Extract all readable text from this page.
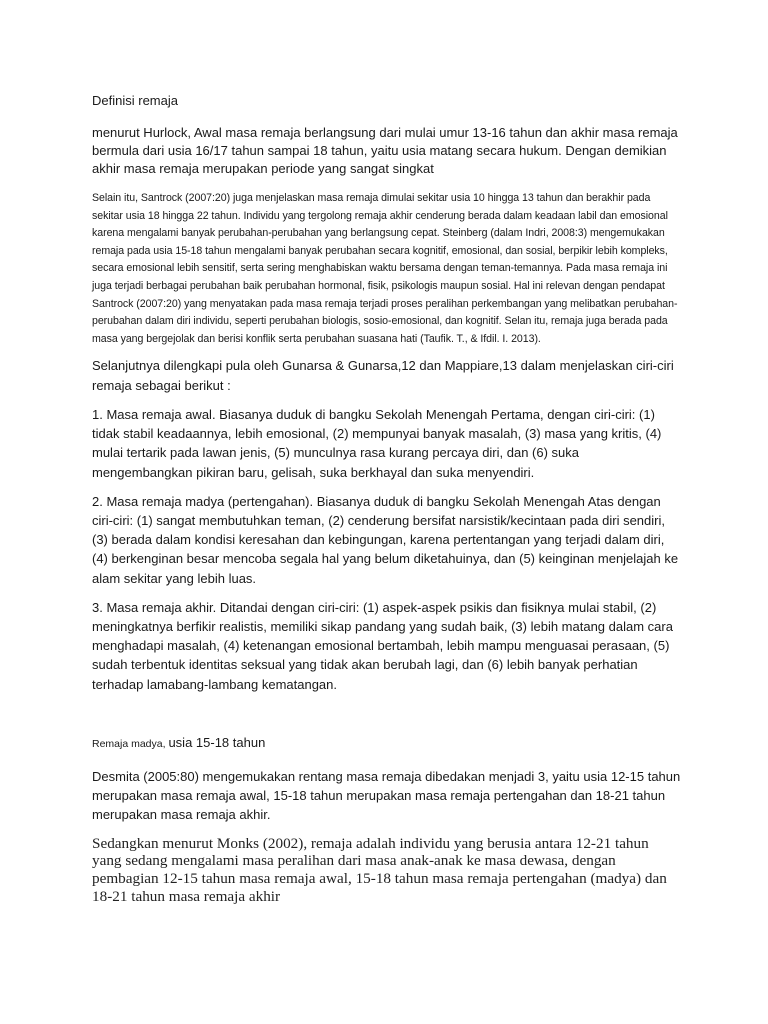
Definisi remaja

menurut Hurlock, Awal masa remaja berlangsung dari mulai umur 13-16 tahun dan akhir masa remaja bermula dari usia 16/17 tahun sampai 18 tahun, yaitu usia matang secara hukum. Dengan demikian akhir masa remaja merupakan periode yang sangat singkat

Selain itu, Santrock (2007:20) juga menjelaskan masa remaja dimulai sekitar usia 10 hingga 13 tahun dan berakhir pada sekitar usia 18 hingga 22 tahun. Individu yang tergolong remaja akhir cenderung berada dalam keadaan labil dan emosional karena mengalami banyak perubahan-perubahan yang berlangsung cepat. Steinberg (dalam Indri, 2008:3) mengemukakan remaja pada usia 15-18 tahun mengalami banyak perubahan secara kognitif, emosional, dan sosial, berpikir lebih kompleks, secara emosional lebih sensitif, serta sering menghabiskan waktu bersama dengan teman-temannya. Pada masa remaja ini juga terjadi berbagai perubahan baik perubahan hormonal, fisik, psikologis maupun sosial. Hal ini relevan dengan pendapat Santrock (2007:20) yang menyatakan pada masa remaja terjadi proses peralihan perkembangan yang melibatkan perubahan-perubahan dalam diri individu, seperti perubahan biologis, sosio-emosional, dan kognitif. Selan itu, remaja juga berada pada masa yang bergejolak dan berisi konflik serta perubahan suasana hati (Taufik. T., & Ifdil. I. 2013).

Selanjutnya dilengkapi pula oleh Gunarsa & Gunarsa,12 dan Mappiare,13 dalam menjelaskan ciri-ciri remaja sebagai berikut :

1. Masa remaja awal. Biasanya duduk di bangku Sekolah Menengah Pertama, dengan ciri-ciri: (1) tidak stabil keadaannya, lebih emosional, (2) mempunyai banyak masalah, (3) masa yang kritis, (4) mulai tertarik pada lawan jenis, (5) munculnya rasa kurang percaya diri, dan (6) suka mengembangkan pikiran baru, gelisah, suka berkhayal dan suka menyendiri.

2. Masa remaja madya (pertengahan). Biasanya duduk di bangku Sekolah Menengah Atas dengan ciri-ciri: (1) sangat membutuhkan teman, (2) cenderung bersifat narsistik/kecintaan pada diri sendiri, (3) berada dalam kondisi keresahan dan kebingungan, karena pertentangan yang terjadi dalam diri, (4) berkenginan besar mencoba segala hal yang belum diketahuinya, dan (5) keinginan menjelajah ke alam sekitar yang lebih luas.

3. Masa remaja akhir. Ditandai dengan ciri-ciri: (1) aspek-aspek psikis dan fisiknya mulai stabil, (2) meningkatnya berfikir realistis, memiliki sikap pandang yang sudah baik, (3) lebih matang dalam cara menghadapi masalah, (4) ketenangan emosional bertambah, lebih mampu menguasai perasaan, (5) sudah terbentuk identitas seksual yang tidak akan berubah lagi, dan (6) lebih banyak perhatian terhadap lamabang-lambang kematangan.

Remaja madya, usia 15-18 tahun

Desmita (2005:80) mengemukakan rentang masa remaja dibedakan menjadi 3, yaitu usia 12-15 tahun merupakan masa remaja awal, 15-18 tahun merupakan masa remaja pertengahan dan 18-21 tahun merupakan masa remaja akhir.

Sedangkan menurut Monks (2002), remaja adalah individu yang berusia antara 12-21 tahun yang sedang mengalami masa peralihan dari masa anak-anak ke masa dewasa, dengan pembagian 12-15 tahun masa remaja awal, 15-18 tahun masa remaja pertengahan (madya) dan 18-21 tahun masa remaja akhir
